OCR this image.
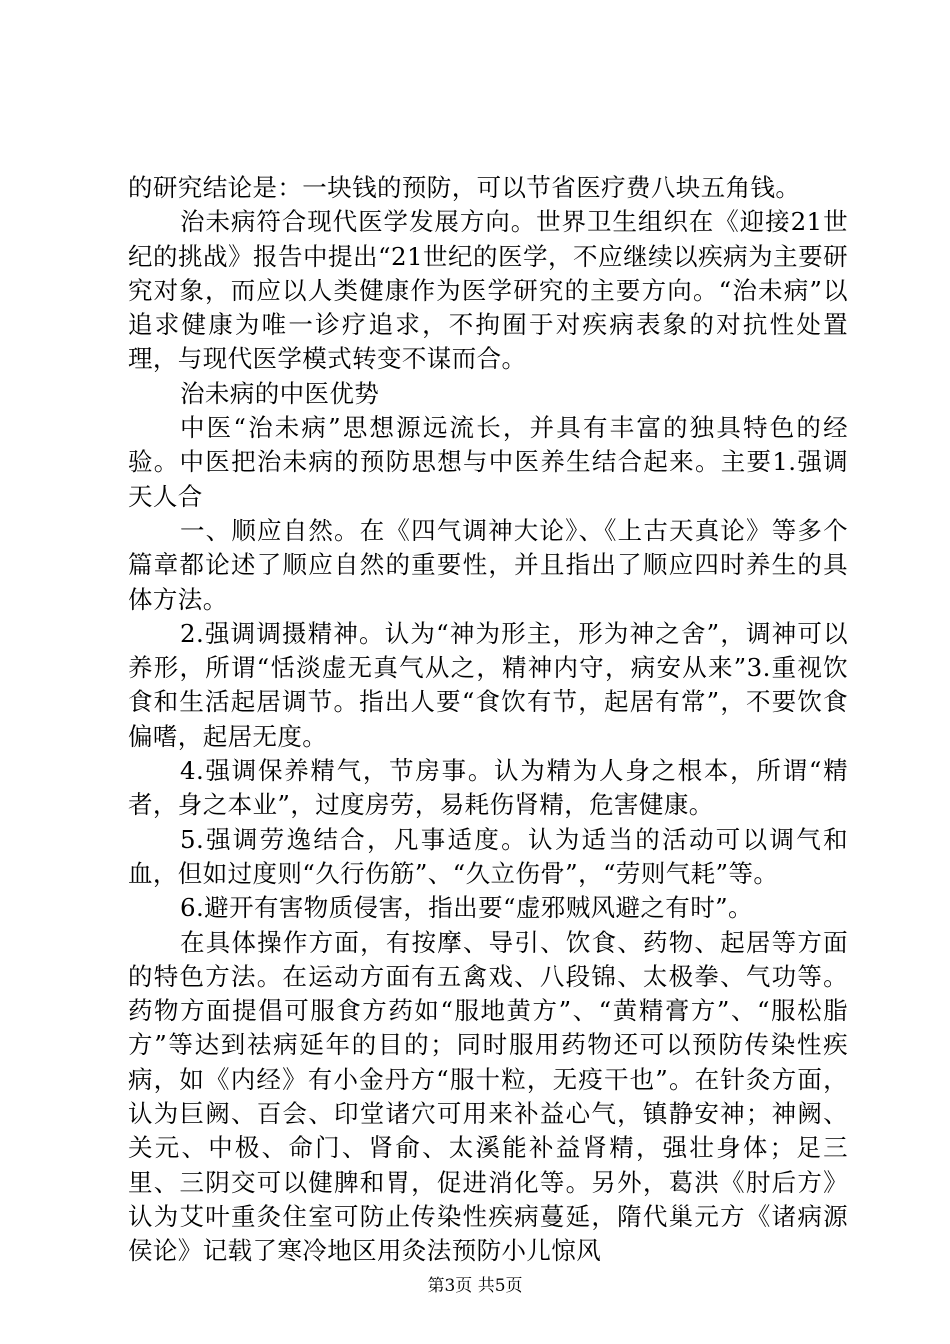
的研究结论是：一块钱的预防，可以节省医疗费八块五角钱。

治未病符合现代医学发展方向。世界卫生组织在《迎接21世纪的挑战》报告中提出“21世纪的医学，不应继续以疾病为主要研究对象，而应以人类健康作为医学研究的主要方向。“治未病”以追求健康为唯一诊疗追求，不拘囿于对疾病表象的对抗性处置理，与现代医学模式转变不谋而合。

治未病的中医优势

中医“治未病”思想源远流长，并具有丰富的独具特色的经验。中医把治未病的预防思想与中医养生结合起来。主要1.强调天人合

一、顺应自然。在《四气调神大论》、《上古天真论》等多个篇章都论述了顺应自然的重要性，并且指出了顺应四时养生的具体方法。

2.强调调摄精神。认为“神为形主，形为神之舍”，调神可以养形，所谓“恬淡虚无真气从之，精神内守，病安从来”3.重视饮食和生活起居调节。指出人要“食饮有节，起居有常”，不要饮食偏嗜，起居无度。

4.强调保养精气，节房事。认为精为人身之根本，所谓“精者，身之本业”，过度房劳，易耗伤肾精，危害健康。

5.强调劳逸结合，凡事适度。认为适当的活动可以调气和血，但如过度则“久行伤筋”、“久立伤骨”，“劳则气耗”等。

6.避开有害物质侵害，指出要“虚邪贼风避之有时”。

在具体操作方面，有按摩、导引、饮食、药物、起居等方面的特色方法。在运动方面有五禽戏、八段锦、太极拳、气功等。药物方面提倡可服食方药如“服地黄方”、“黄精膏方”、“服松脂方”等达到祛病延年的目的；同时服用药物还可以预防传染性疾病，如《内经》有小金丹方“服十粒，无疫干也”。在针灸方面，认为巨阙、百会、印堂诸穴可用来补益心气，镇静安神；神阙、关元、中极、命门、肾俞、太溪能补益肾精，强壮身体；足三里、三阴交可以健脾和胃，促进消化等。另外，葛洪《肘后方》认为艾叶重灸住室可防止传染性疾病蔓延，隋代巢元方《诸病源侯论》记载了寒冷地区用灸法预防小儿惊风

第3页 共5页
